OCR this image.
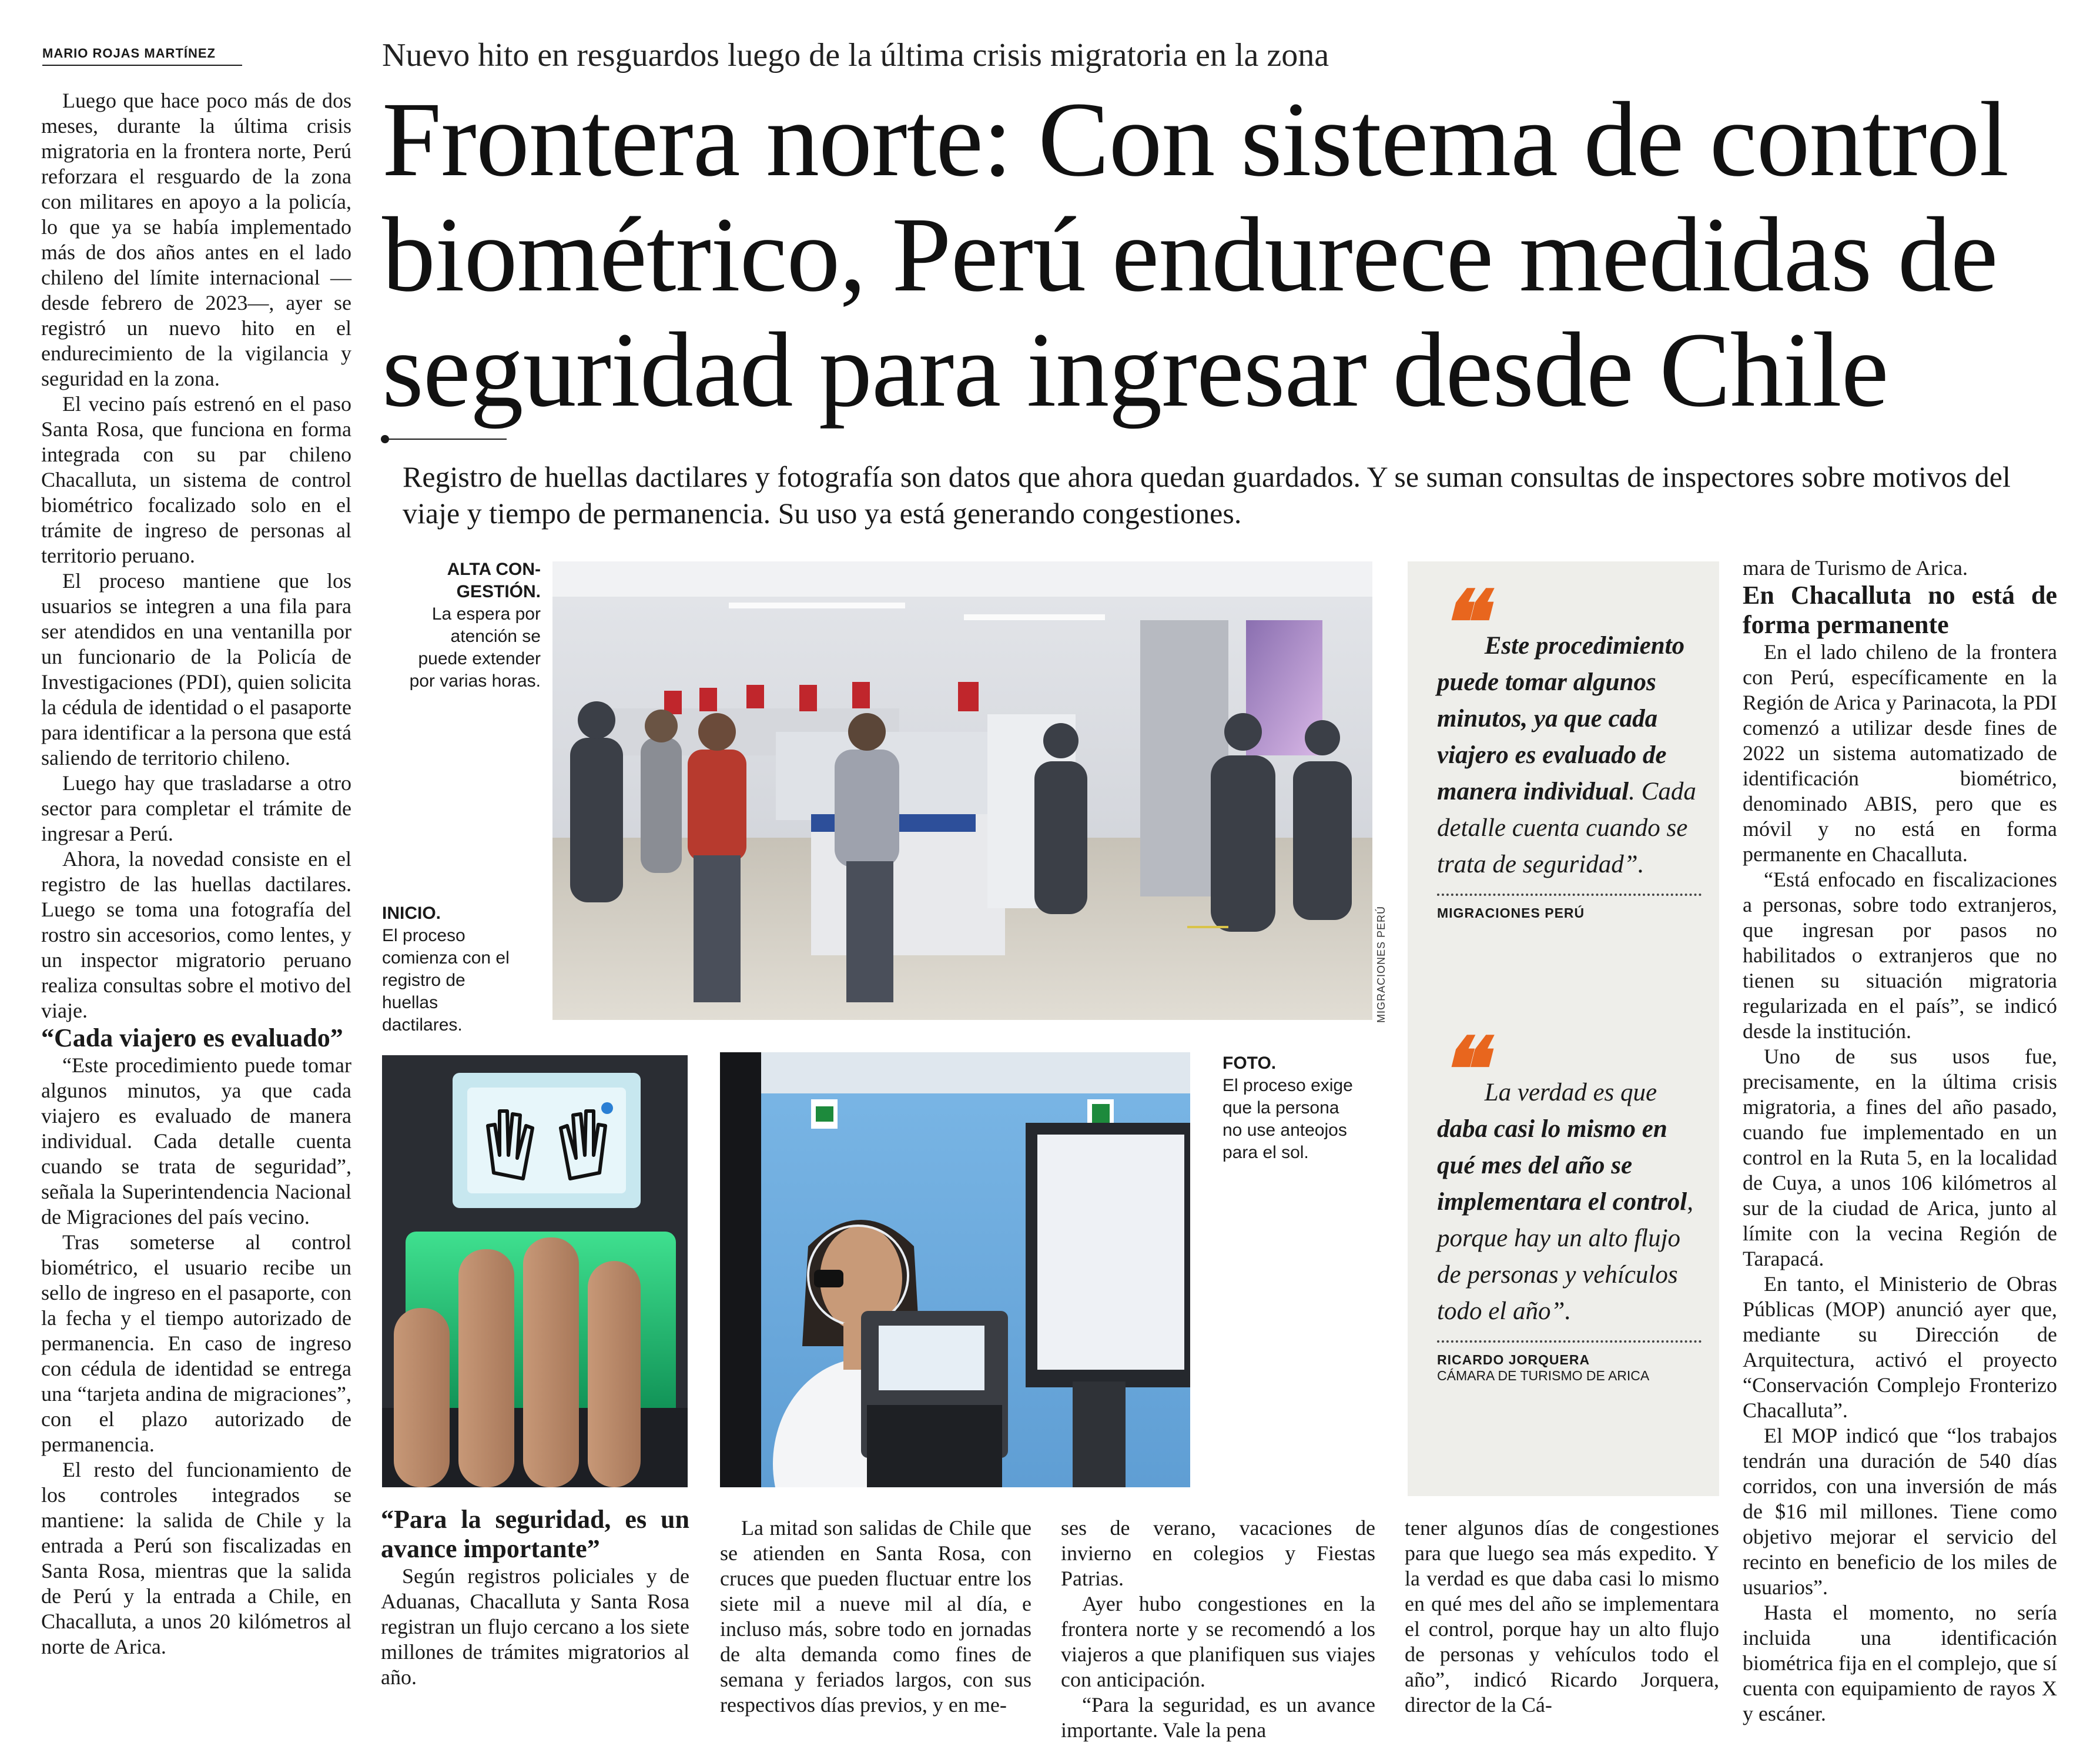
MARIO ROJAS MARTÍNEZ	Nuevo hito en resguardos luego de la última crisis migratoria en la zona
Frontera norte: Con sistema de control
biométrico, Perú endurece medidas de
seguridad para ingresar desde Chile
Registro de huellas dactilares y fotografía son datos que ahora quedan guardados. Y se suman consultas de inspectores sobre motivos del viaje y tiempo de permanencia. Su uso ya está generando congestiones.

Luego que hace poco más de dos meses, durante la última crisis migratoria en la frontera norte, Perú reforzara el resguardo de la zona con militares en apoyo a la policía, lo que ya se había implementado más de dos años antes en el lado chileno del límite internacional —desde febrero de 2023—, ayer se registró un nuevo hito en el endurecimiento de la vigilancia y seguridad en la zona.

El vecino país estrenó en el paso Santa Rosa, que funciona en forma integrada con su par chileno Chacalluta, un sistema de control biométrico focalizado solo en el trámite de ingreso de personas al territorio peruano.

El proceso mantiene que los usuarios se integren a una fila para ser atendidos en una ventanilla por un funcionario de la Policía de Investigaciones (PDI), quien solicita la cédula de identidad o el pasaporte para identificar a la persona que está saliendo de territorio chileno.

Luego hay que trasladarse a otro sector para completar el trámite de ingresar a Perú.

Ahora, la novedad consiste en el registro de las huellas dactilares. Luego se toma una fotografía del rostro sin accesorios, como lentes, y un inspector migratorio peruano realiza consultas sobre el motivo del viaje.

“Cada viajero es evaluado”

“Este procedimiento puede tomar algunos minutos, ya que cada viajero es evaluado de manera individual. Cada detalle cuenta cuando se trata de seguridad”, señala la Superintendencia Nacional de Migraciones del país vecino.

Tras someterse al control biométrico, el usuario recibe un sello de ingreso en el pasaporte, con la fecha y el tiempo autorizado de permanencia. En caso de ingreso con cédula de identidad se entrega una “tarjeta andina de migraciones”, con el plazo autorizado de permanencia.

El resto del funcionamiento de los controles integrados se mantiene: la salida de Chile y la entrada a Perú son fiscalizadas en Santa Rosa, mientras que la salida de Perú y la entrada a Chile, en Chacalluta, a unos 20 kilómetros al norte de Arica.

ALTA CON-GESTIÓN.
La espera por atención se puede extender por varias horas.
MIGRACIONES PERÚ
INICIO.
El proceso comienza con el registro de huellas dactilares.
FOTO.
El proceso exige que la persona no use anteojos para el sol.
❝Este procedimiento puede tomar algunos minutos, ya que cada viajero es evaluado de manera individual. Cada detalle cuenta cuando se trata de seguridad”.
MIGRACIONES PERÚ
❝La verdad es que daba casi lo mismo en qué mes del año se implementara el control, porque hay un alto flujo de personas y vehículos todo el año”.
RICARDO JORQUERA
CÁMARA DE TURISMO DE ARICA

mara de Turismo de Arica.

En Chacalluta no está de forma permanente

En el lado chileno de la frontera con Perú, específicamente en la Región de Arica y Parinacota, la PDI comenzó a utilizar desde fines de 2022 un sistema automatizado de identificación biométrico, denominado ABIS, pero que es móvil y no está en forma permanente en Chacalluta.

“Está enfocado en fiscalizaciones a personas, sobre todo extranjeros, que ingresan por pasos no habilitados o extranjeros que no tienen su situación migratoria regularizada en el país”, se indicó desde la institución.

Uno de sus usos fue, precisamente, en la última crisis migratoria, a fines del año pasado, cuando fue implementado en un control en la Ruta 5, en la localidad de Cuya, a unos 106 kilómetros al sur de la ciudad de Arica, junto al límite con la vecina Región de Tarapacá.

En tanto, el Ministerio de Obras Públicas (MOP) anunció ayer que, mediante su Dirección de Arquitectura, activó el proyecto “Conservación Complejo Fronterizo Chacalluta”.

El MOP indicó que “los trabajos tendrán una duración de 540 días corridos, con una inversión de más de $16 mil millones. Tiene como objetivo mejorar el servicio del recinto en beneficio de los miles de usuarios”.

Hasta el momento, no sería incluida una identificación biométrica fija en el complejo, que sí cuenta con equipamiento de rayos X y escáner.

“Para la seguridad, es un avance importante”

Según registros policiales y de Aduanas, Chacalluta y Santa Rosa registran un flujo cercano a los siete millones de trámites migratorios al año.

La mitad son salidas de Chile que se atienden en Santa Rosa, con cruces que pueden fluctuar entre los siete mil a nueve mil al día, e incluso más, sobre todo en jornadas de alta demanda como fines de semana y feriados largos, con sus respectivos días previos, y en me-

ses de verano, vacaciones de invierno en colegios y Fiestas Patrias.

Ayer hubo congestiones en la frontera norte y se recomendó a los viajeros a que planifiquen sus viajes con anticipación.

“Para la seguridad, es un avance importante. Vale la pena

tener algunos días de congestiones para que luego sea más expedito. Y la verdad es que daba casi lo mismo en qué mes del año se implementara el control, porque hay un alto flujo de personas y vehículos todo el año”, indicó Ricardo Jorquera, director de la Cá-
